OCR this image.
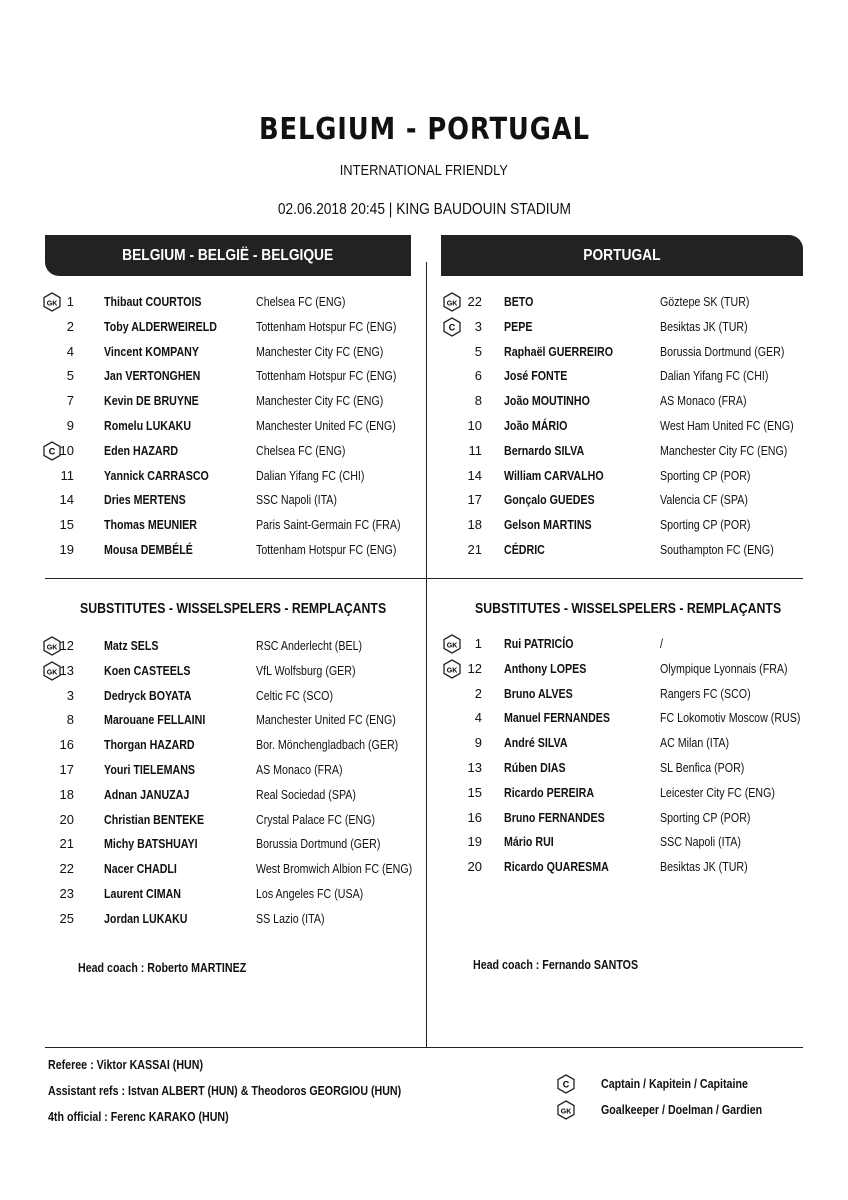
BELGIUM - PORTUGAL
INTERNATIONAL FRIENDLY
02.06.2018 20:45 | KING BAUDOUIN STADIUM
BELGIUM - BELGIË - BELGIQUE	PORTUGAL
GK 1 Thibaut COURTOIS	Chelsea FC (ENG)
2 Toby ALDERWEIRELD	Tottenham Hotspur FC (ENG)
4 Vincent KOMPANY	Manchester City FC (ENG)
5 Jan VERTONGHEN	Tottenham Hotspur FC (ENG)
7 Kevin DE BRUYNE	Manchester City FC (ENG)
9 Romelu LUKAKU	Manchester United FC (ENG)
C 10 Eden HAZARD	Chelsea FC (ENG)
11 Yannick CARRASCO	Dalian Yifang FC (CHI)
14 Dries MERTENS	SSC Napoli (ITA)
15 Thomas MEUNIER	Paris Saint-Germain FC (FRA)
19 Mousa DEMBÉLÉ	Tottenham Hotspur FC (ENG)
GK 22 BETO	Göztepe SK (TUR)
C	3 PEPE	Besiktas JK (TUR)
5 Raphaël GUERREIRO	Borussia Dortmund (GER)
6 José FONTE	Dalian Yifang FC (CHI)
8 João MOUTINHO	AS Monaco (FRA)
10 João MÁRIO	West Ham United FC (ENG)
11 Bernardo SILVA	Manchester City FC (ENG)
14 William CARVALHO	Sporting CP (POR)
17 Gonçalo GUEDES	Valencia CF (SPA)
18 Gelson MARTINS	Sporting CP (POR)
21 CÉDRIC	Southampton FC (ENG)
SUBSTITUTES - WISSELSPELERS - REMPLAÇANTS	SUBSTITUTES - WISSELSPELERS - REMPLAÇANTS
GK 12 Matz SELS	RSC Anderlecht (BEL)
GK 13 Koen CASTEELS	VfL Wolfsburg (GER)
3 Dedryck BOYATA	Celtic FC (SCO)
8 Marouane FELLAINI	Manchester United FC (ENG)
16 Thorgan HAZARD	Bor. Mönchengladbach (GER)
17 Youri TIELEMANS	AS Monaco (FRA)
18 Adnan JANUZAJ	Real Sociedad (SPA)
20 Christian BENTEKE	Crystal Palace FC (ENG)
21 Michy BATSHUAYI	Borussia Dortmund (GER)
22 Nacer CHADLI	West Bromwich Albion FC (ENG)
23 Laurent CIMAN	Los Angeles FC (USA)
25 Jordan LUKAKU	SS Lazio (ITA)
GK	1 Rui PATRICÍO	/
GK 12 Anthony LOPES	Olympique Lyonnais (FRA)
2 Bruno ALVES	Rangers FC (SCO)
4 Manuel FERNANDES	FC Lokomotiv Moscow (RUS)
9 André SILVA	AC Milan (ITA)
13 Rúben DIAS	SL Benfica (POR)
15 Ricardo PEREIRA	Leicester City FC (ENG)
16 Bruno FERNANDES	Sporting CP (POR)
19 Mário RUI	SSC Napoli (ITA)
20 Ricardo QUARESMA	Besiktas JK (TUR)
Head coach : Roberto MARTINEZ	Head coach : Fernando SANTOS
Referee : Viktor KASSAI (HUN)
Assistant refs : Istvan ALBERT (HUN) & Theodoros GEORGIOU (HUN)
4th official : Ferenc KARAKO (HUN)
C Captain / Kapitein / Capitaine
GK Goalkeeper / Doelman / Gardien
